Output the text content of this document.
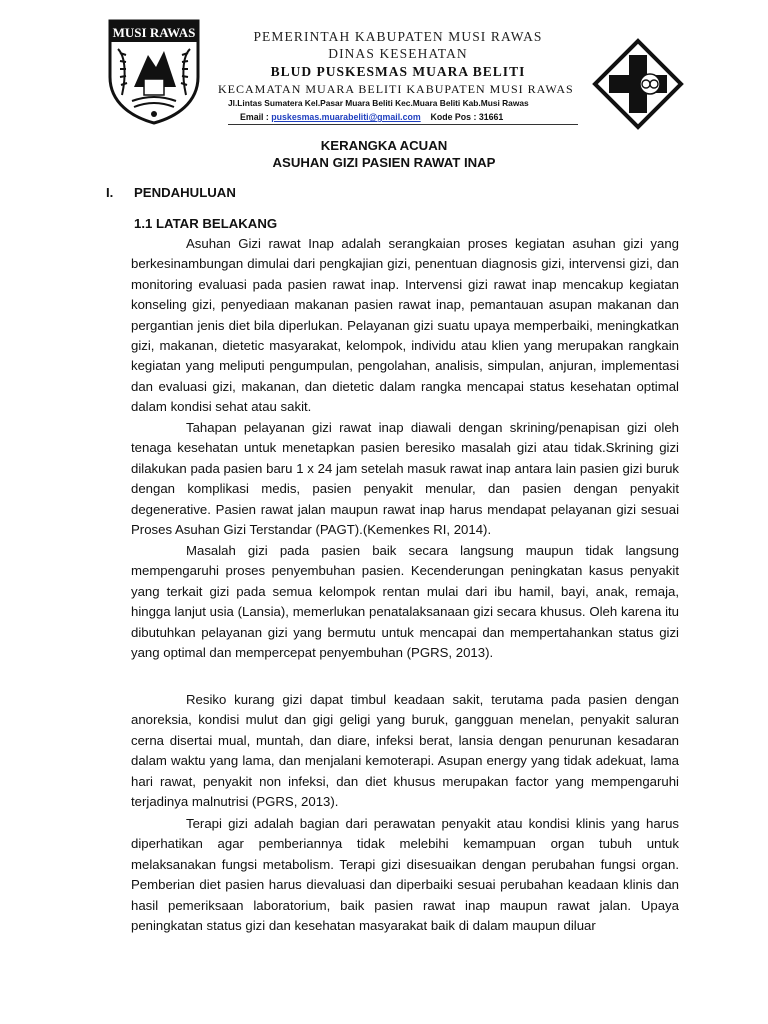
MUSI RAWAS	PEMERINTAH KABUPATEN MUSI RAWAS
DINAS KESEHATAN
BLUD PUSKESMAS MUARA BELITI
KECAMATAN MUARA BELITI KABUPATEN MUSI RAWAS
Jl.Lintas Sumatera Kel.Pasar Muara Beliti Kec.Muara Beliti Kab.Musi Rawas
Email : puskesmas.muarabeliti@gmail.com Kode Pos : 31661
KERANGKA ACUAN
ASUHAN GIZI PASIEN RAWAT INAP
I. PENDAHULUAN
1.1 LATAR BELAKANG

Asuhan Gizi rawat Inap adalah serangkaian proses kegiatan asuhan gizi yang berkesinambungan dimulai dari pengkajian gizi, penentuan diagnosis gizi, intervensi gizi, dan monitoring evaluasi pada pasien rawat inap. Intervensi gizi rawat inap mencakup kegiatan konseling gizi, penyediaan makanan pasien rawat inap, pemantauan asupan makanan dan pergantian jenis diet bila diperlukan. Pelayanan gizi suatu upaya memperbaiki, meningkatkan gizi, makanan, dietetic masyarakat, kelompok, individu atau klien yang merupakan rangkain kegiatan yang meliputi pengumpulan, pengolahan, analisis, simpulan, anjuran, implementasi dan evaluasi gizi, makanan, dan dietetic dalam rangka mencapai status kesehatan optimal dalam kondisi sehat atau sakit.

Tahapan pelayanan gizi rawat inap diawali dengan skrining/penapisan gizi oleh tenaga kesehatan untuk menetapkan pasien beresiko masalah gizi atau tidak.Skrining gizi dilakukan pada pasien baru 1 x 24 jam setelah masuk rawat inap antara lain pasien gizi buruk dengan komplikasi medis, pasien penyakit menular, dan pasien dengan penyakit degenerative. Pasien rawat jalan maupun rawat inap harus mendapat pelayanan gizi sesuai Proses Asuhan Gizi Terstandar (PAGT).(Kemenkes RI, 2014).

Masalah gizi pada pasien baik secara langsung maupun tidak langsung mempengaruhi proses penyembuhan pasien. Kecenderungan peningkatan kasus penyakit yang terkait gizi pada semua kelompok rentan mulai dari ibu hamil, bayi, anak, remaja, hingga lanjut usia (Lansia), memerlukan penatalaksanaan gizi secara khusus. Oleh karena itu dibutuhkan pelayanan gizi yang bermutu untuk mencapai dan mempertahankan status gizi yang optimal dan mempercepat penyembuhan (PGRS, 2013).

Resiko kurang gizi dapat timbul keadaan sakit, terutama pada pasien dengan anoreksia, kondisi mulut dan gigi geligi yang buruk, gangguan menelan, penyakit saluran cerna disertai mual, muntah, dan diare, infeksi berat, lansia dengan penurunan kesadaran dalam waktu yang lama, dan menjalani kemoterapi. Asupan energy yang tidak adekuat, lama hari rawat, penyakit non infeksi, dan diet khusus merupakan factor yang mempengaruhi terjadinya malnutrisi (PGRS, 2013).

Terapi gizi adalah bagian dari perawatan penyakit atau kondisi klinis yang harus diperhatikan agar pemberiannya tidak melebihi kemampuan organ tubuh untuk melaksanakan fungsi metabolism. Terapi gizi disesuaikan dengan perubahan fungsi organ. Pemberian diet pasien harus dievaluasi dan diperbaiki sesuai perubahan keadaan klinis dan hasil pemeriksaan laboratorium, baik pasien rawat inap maupun rawat jalan. Upaya peningkatan status gizi dan kesehatan masyarakat baik di dalam maupun diluar
